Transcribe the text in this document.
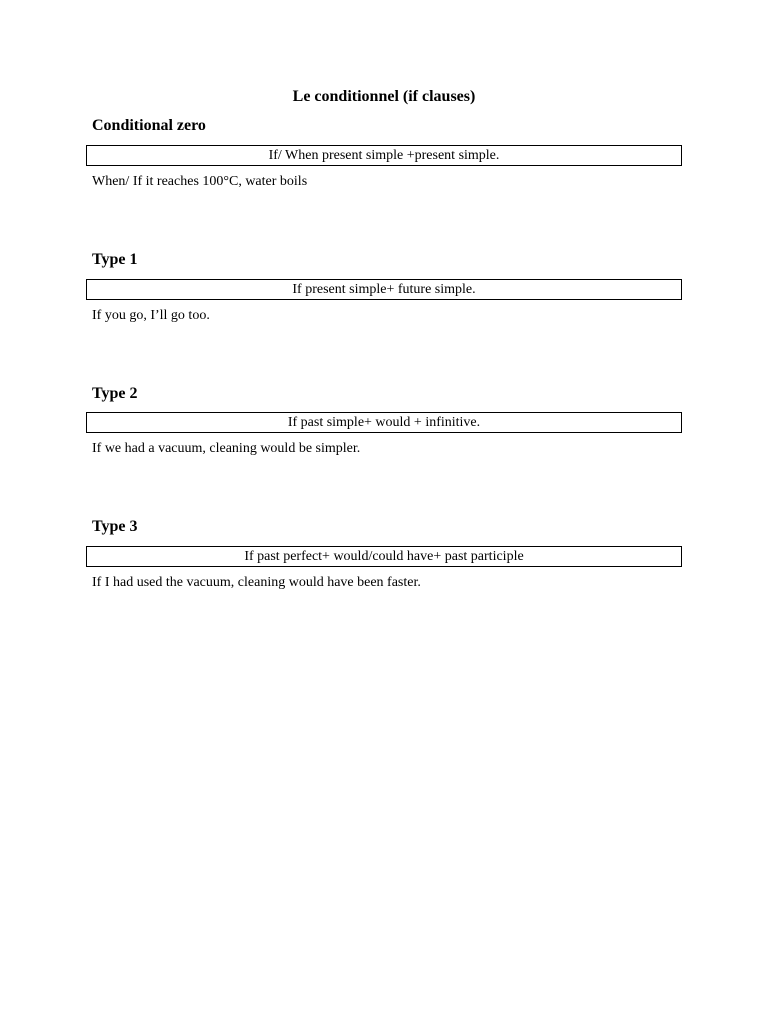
Le conditionnel (if clauses)
Conditional zero
If/ When present simple +present simple.
When/ If it reaches 100°C, water boils
Type 1
If present simple+ future simple.
If you go, I’ll go too.
Type 2
If past simple+ would + infinitive.
If we had a vacuum, cleaning would be simpler.
Type 3
If past perfect+ would/could have+ past participle
If I had used the vacuum, cleaning would have been faster.
